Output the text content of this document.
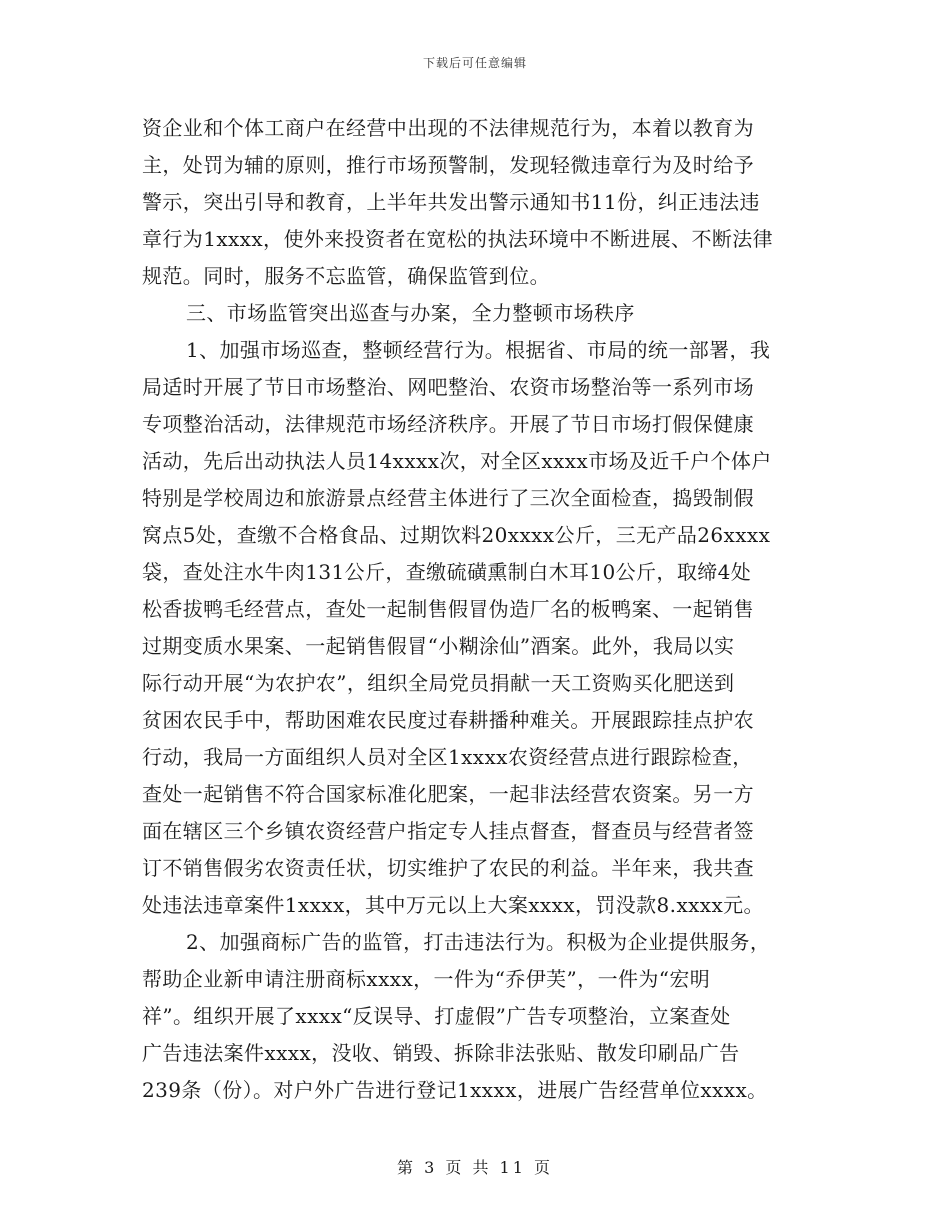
下载后可任意编辑
资企业和个体工商户在经营中出现的不法律规范行为，本着以教育为
主，处罚为辅的原则，推行市场预警制，发现轻微违章行为及时给予
警示，突出引导和教育，上半年共发出警示通知书11份，纠正违法违
章行为1xxxx，使外来投资者在宽松的执法环境中不断进展、不断法律
规范。同时，服务不忘监管，确保监管到位。
三、市场监管突出巡查与办案，全力整顿市场秩序
1、加强市场巡查，整顿经营行为。根据省、市局的统一部署，我
局适时开展了节日市场整治、网吧整治、农资市场整治等一系列市场
专项整治活动，法律规范市场经济秩序。开展了节日市场打假保健康
活动，先后出动执法人员14xxxx次，对全区xxxx市场及近千户个体户
特别是学校周边和旅游景点经营主体进行了三次全面检查，捣毁制假
窝点5处，查缴不合格食品、过期饮料20xxxx公斤，三无产品26xxxx
袋，查处注水牛肉131公斤，查缴硫磺熏制白木耳10公斤，取缔4处
松香拔鸭毛经营点，查处一起制售假冒伪造厂名的板鸭案、一起销售
过期变质水果案、一起销售假冒“小糊涂仙”酒案。此外，我局以实
际行动开展“为农护农”，组织全局党员捐献一天工资购买化肥送到
贫困农民手中，帮助困难农民度过春耕播种难关。开展跟踪挂点护农
行动，我局一方面组织人员对全区1xxxx农资经营点进行跟踪检查，
查处一起销售不符合国家标准化肥案，一起非法经营农资案。另一方
面在辖区三个乡镇农资经营户指定专人挂点督查，督查员与经营者签
订不销售假劣农资责任状，切实维护了农民的利益。半年来，我共查
处违法违章案件1xxxx，其中万元以上大案xxxx，罚没款8.xxxx元。
2、加强商标广告的监管，打击违法行为。积极为企业提供服务，
帮助企业新申请注册商标xxxx，一件为“乔伊芙”，一件为“宏明
祥”。组织开展了xxxx“反误导、打虚假”广告专项整治，立案查处
广告违法案件xxxx，没收、销毁、拆除非法张贴、散发印刷品广告
239条（份）。对户外广告进行登记1xxxx，进展广告经营单位xxxx。
第 3 页 共 11 页
